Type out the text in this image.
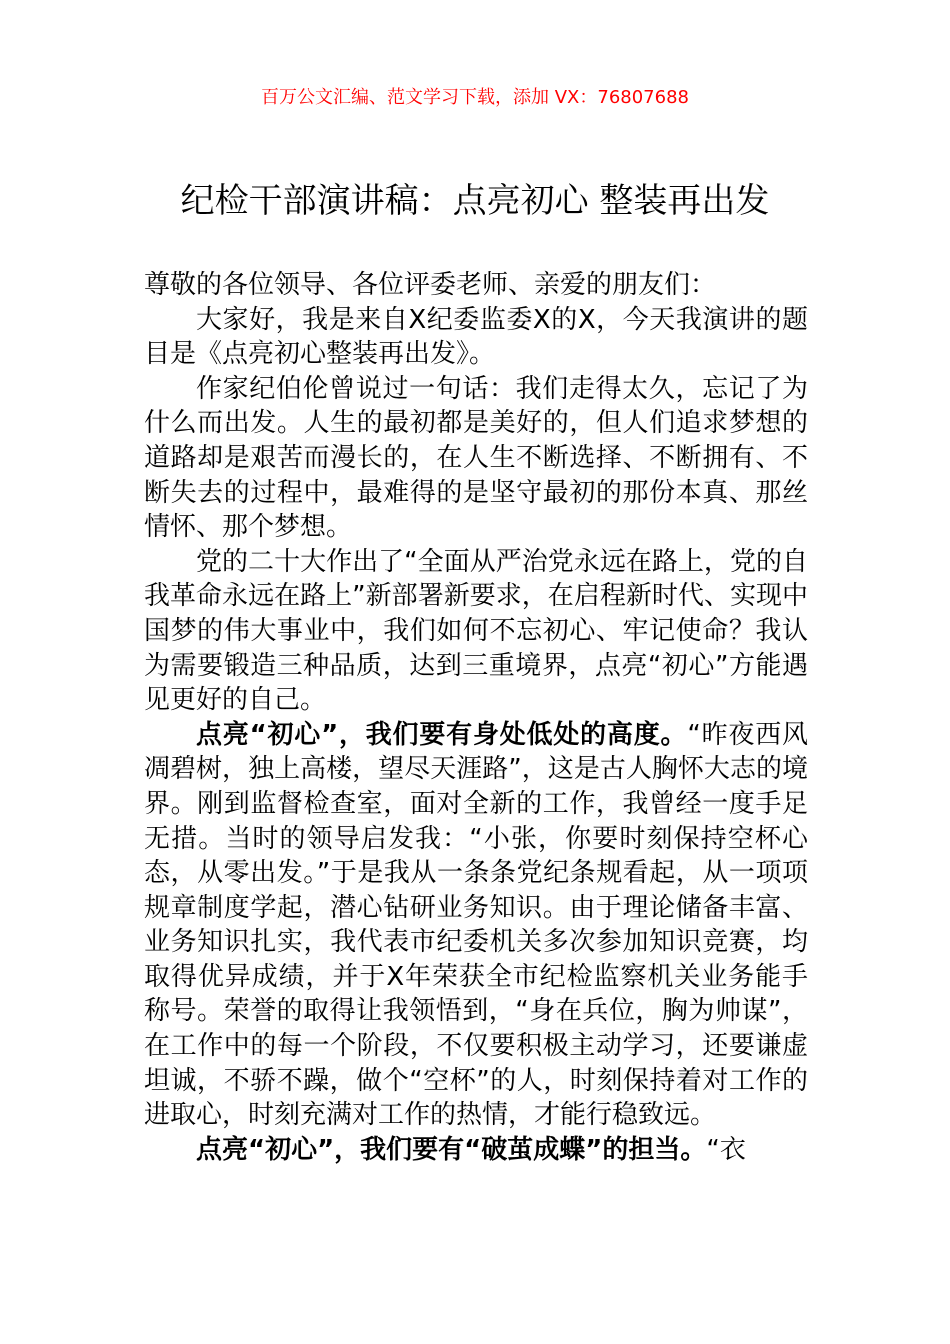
百万公文汇编、范文学习下载，添加 VX：76807688
纪检干部演讲稿：点亮初心 整装再出发

尊敬的各位领导、各位评委老师、亲爱的朋友们：

大家好，我是来自X纪委监委X的X，今天我演讲的题目是《点亮初心整装再出发》。

作家纪伯伦曾说过一句话：我们走得太久，忘记了为什么而出发。人生的最初都是美好的，但人们追求梦想的道路却是艰苦而漫长的，在人生不断选择、不断拥有、不断失去的过程中，最难得的是坚守最初的那份本真、那丝情怀、那个梦想。

党的二十大作出了“全面从严治党永远在路上，党的自我革命永远在路上”新部署新要求，在启程新时代、实现中国梦的伟大事业中，我们如何不忘初心、牢记使命？我认为需要锻造三种品质，达到三重境界，点亮“初心”方能遇见更好的自己。

点亮“初心”，我们要有身处低处的高度。“昨夜西风凋碧树，独上高楼，望尽天涯路”，这是古人胸怀大志的境界。刚到监督检查室，面对全新的工作，我曾经一度手足无措。当时的领导启发我：“小张，你要时刻保持空杯心态，从零出发。”于是我从一条条党纪条规看起，从一项项规章制度学起，潜心钻研业务知识。由于理论储备丰富、业务知识扎实，我代表市纪委机关多次参加知识竞赛，均取得优异成绩，并于X年荣获全市纪检监察机关业务能手称号。荣誉的取得让我领悟到，“身在兵位，胸为帅谋”，在工作中的每一个阶段，不仅要积极主动学习，还要谦虚坦诚，不骄不躁，做个“空杯”的人，时刻保持着对工作的进取心，时刻充满对工作的热情，才能行稳致远。

点亮“初心”，我们要有“破茧成蝶”的担当。“衣
